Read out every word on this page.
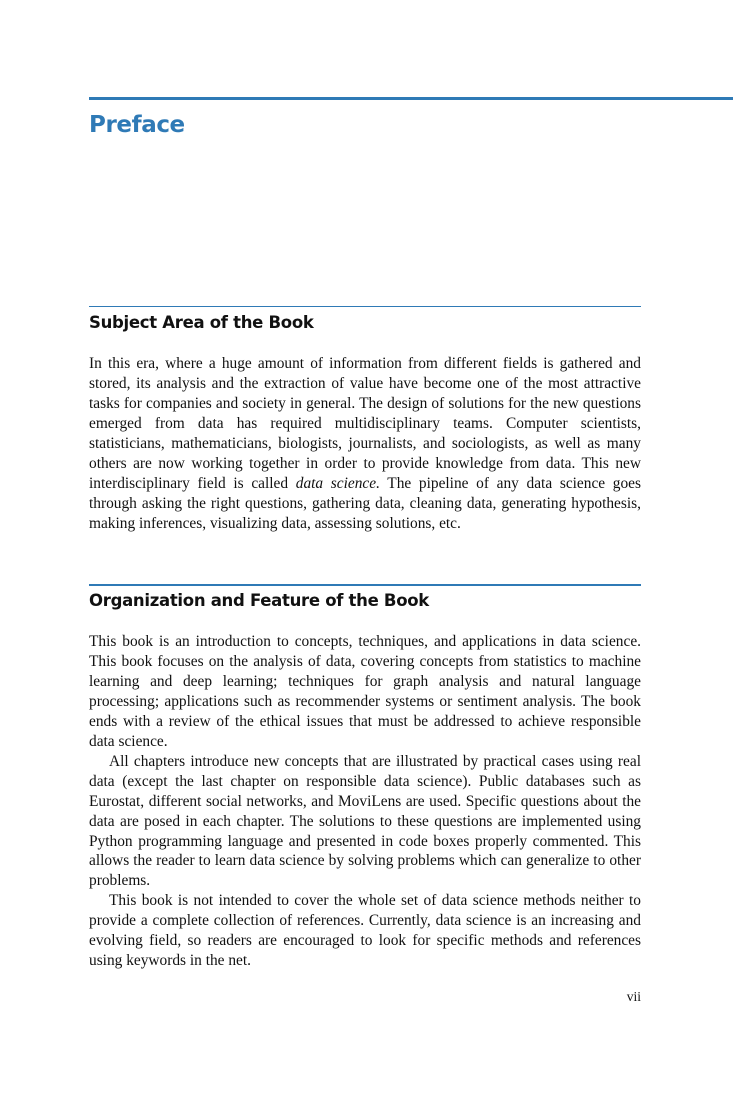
Preface
Subject Area of the Book

In this era, where a huge amount of information from different fields is gathered and stored, its analysis and the extraction of value have become one of the most attractive tasks for companies and society in general. The design of solutions for the new questions emerged from data has required multidisciplinary teams. Computer scientists, statisticians, mathematicians, biologists, journalists, and sociologists, as well as many others are now working together in order to provide knowledge from data. This new interdisciplinary field is called data science. The pipeline of any data science goes through asking the right questions, gathering data, cleaning data, generating hypothesis, making inferences, visualizing data, assessing solutions, etc.

Organization and Feature of the Book

This book is an introduction to concepts, techniques, and applications in data science. This book focuses on the analysis of data, covering concepts from statistics to machine learning and deep learning; techniques for graph analysis and natural language processing; applications such as recommender systems or sentiment analysis. The book ends with a review of the ethical issues that must be addressed to achieve responsible data science.

All chapters introduce new concepts that are illustrated by practical cases using real data (except the last chapter on responsible data science). Public databases such as Eurostat, different social networks, and MoviLens are used. Specific questions about the data are posed in each chapter. The solutions to these questions are implemented using Python programming language and presented in code boxes properly commented. This allows the reader to learn data science by solving problems which can generalize to other problems.

This book is not intended to cover the whole set of data science methods neither to provide a complete collection of references. Currently, data science is an increasing and evolving field, so readers are encouraged to look for specific methods and references using keywords in the net.

vii
